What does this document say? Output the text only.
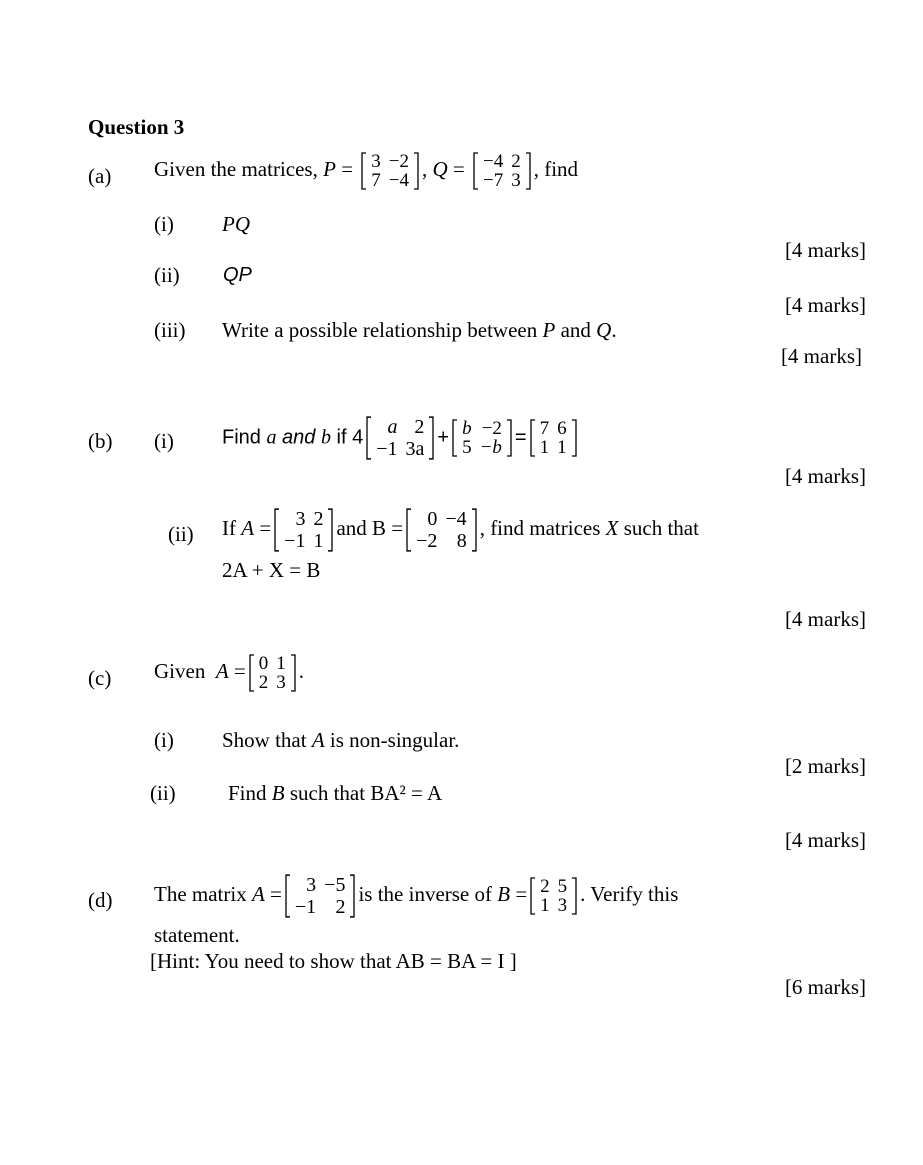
Question 3
(a) Given the matrices, P = 3	−2
7	−4 , Q = −4	2
−7	3 , find
(i) PQ
[4 marks]
(ii) QP
[4 marks]
(iii) Write a possible relationship between P and Q.
[4 marks]
(b) (i) Find a and b if 4 a	2
−1	3a
+ b	−2
5	−b = 7	6
1	1
[4 marks]
(ii) If A = 3	2
−1	1
and B = 0	−4
−2	8
, find matrices X such that
2A + X = B
[4 marks]
(c) Given A = 0	1
2	3 .
(i) Show that A is non-singular.
[2 marks]
(ii) Find B such that BA² = A
[4 marks]
(d) The matrix A = 3	−5
−1	2
is the inverse of B = 2	5
1	3 . Verify this
statement.
[Hint: You need to show that AB = BA = I ]
[6 marks]
